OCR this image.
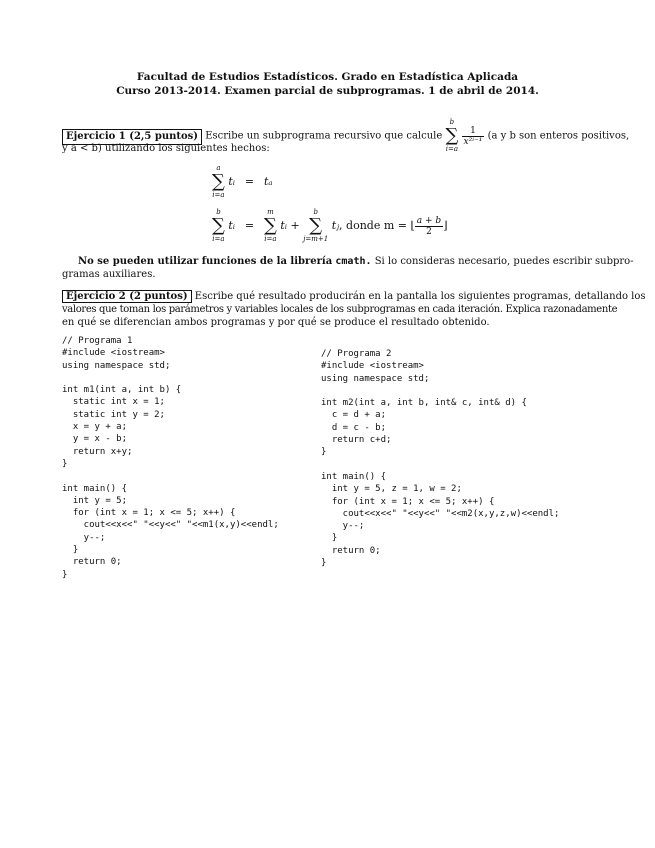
Facultad de Estudios Estadísticos. Grado en Estadística Aplicada
Curso 2013-2014. Examen parcial de subprogramas. 1 de abril de 2014.
Ejercicio 1 (2,5 puntos) Escribe un subprograma recursivo que calcule
b
∑
i=a

$\frac{1}{\text{x²ⁱ⁻¹}} (a$ y b son enteros positivos,
y a < b) utilizando los siguientes hechos:
a
∑
i=a
tᵢ = tₐ
b
∑
i=a
tᵢ =
m
∑
i=a
tᵢ +
b
∑
j=m+1
tⱼ, donde m = ⌊ $\frac{a + b}{2}$ ⌋
No se pueden utilizar funciones de la librería cmath. Si lo consideras necesario, puedes escribir subpro-
gramas auxiliares.
Ejercicio 2 (2 puntos) Escribe qué resultado producirán en la pantalla los siguientes programas, detallando los
valores que toman los parámetros y variables locales de los subprogramas en cada iteración. Explica razonadamente
en qué se diferencian ambos programas y por qué se produce el resultado obtenido.
// Programa 1
#include <iostream>
using namespace std;

int m1(int a, int b) {
static int x = 1;
static int y = 2;
x = y + a;
y = x - b;
return x+y;
}

int main() {
int y = 5;
for (int x = 1; x <= 5; x++) {
cout<<x<<" "<<y<<" "<<m1(x,y)<<endl;
y--;
}
return 0;
}
// Programa 2
#include <iostream>
using namespace std;

int m2(int a, int b, int& c, int& d) {
c = d + a;
d = c - b;
return c+d;
}

int main() {
int y = 5, z = 1, w = 2;
for (int x = 1; x <= 5; x++) {
cout<<x<<" "<<y<<" "<<m2(x,y,z,w)<<endl;
y--;
}
return 0;
}
